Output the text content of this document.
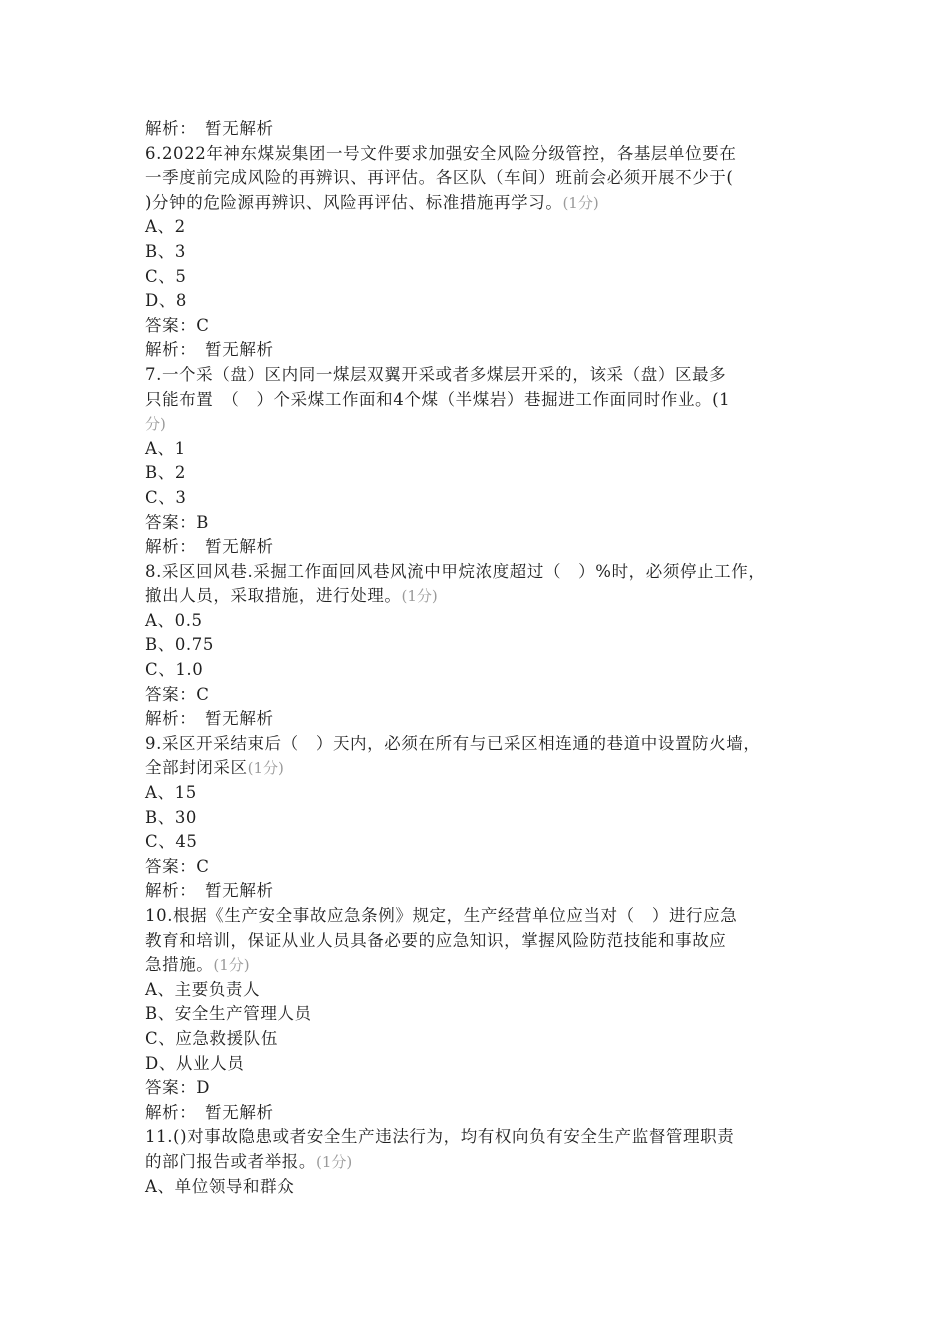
解析：　暂无解析
6.2022年神东煤炭集团一号文件要求加强安全风险分级管控，各基层单位要在
一季度前完成风险的再辨识、再评估。各区队（车间）班前会必须开展不少于(
)分钟的危险源再辨识、风险再评估、标准措施再学习。(1分)
A、2
B、3
C、5
D、8
答案：C
解析：　暂无解析
7.一个采（盘）区内同一煤层双翼开采或者多煤层开采的，该采（盘）区最多
只能布置　（　）个采煤工作面和4个煤（半煤岩）巷掘进工作面同时作业。(1
分)
A、1
B、2
C、3
答案：B
解析：　暂无解析
8.采区回风巷.采掘工作面回风巷风流中甲烷浓度超过（　）%时，必须停止工作，
撤出人员，采取措施，进行处理。(1分)
A、0.5
B、0.75
C、1.0
答案：C
解析：　暂无解析
9.采区开采结束后（　）天内，必须在所有与已采区相连通的巷道中设置防火墙，
全部封闭采区(1分)
A、15
B、30
C、45
答案：C
解析：　暂无解析
10.根据《生产安全事故应急条例》规定，生产经营单位应当对（　）进行应急
教育和培训，保证从业人员具备必要的应急知识，掌握风险防范技能和事故应
急措施。(1分)
A、主要负责人
B、安全生产管理人员
C、应急救援队伍
D、从业人员
答案：D
解析：　暂无解析
11.()对事故隐患或者安全生产违法行为，均有权向负有安全生产监督管理职责
的部门报告或者举报。(1分)
A、单位领导和群众
